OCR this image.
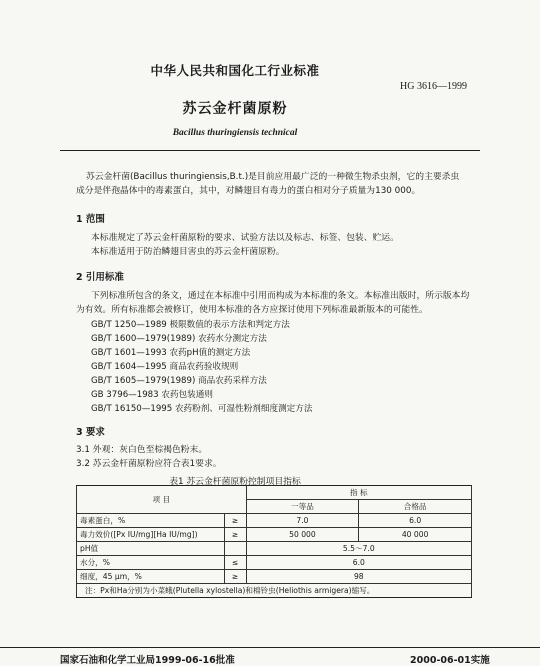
中华人民共和国化工行业标准
HG 3616—1999
苏云金杆菌原粉
Bacillus thuringiensis technical
苏云金杆菌(Bacillus thuringiensis,B.t.)是目前应用最广泛的一种微生物杀虫剂，它的主要杀虫
成分是伴孢晶体中的毒素蛋白，其中，对鳞翅目有毒力的蛋白相对分子质量为130 000。
1 范围
本标准规定了苏云金杆菌原粉的要求、试验方法以及标志、标签、包装、贮运。
本标准适用于防治鳞翅目害虫的苏云金杆菌原粉。
2 引用标准
下列标准所包含的条文，通过在本标准中引用而构成为本标准的条文。本标准出版时，所示版本均
为有效。所有标准都会被修订，使用本标准的各方应探讨使用下列标准最新版本的可能性。
GB/T 1250—1989 极限数值的表示方法和判定方法
GB/T 1600—1979(1989) 农药水分测定方法
GB/T 1601—1993 农药pH值的测定方法
GB/T 1604—1995 商品农药验收规则
GB/T 1605—1979(1989) 商品农药采样方法
GB 3796—1983 农药包装通则
GB/T 16150—1995 农药粉剂、可湿性粉剂细度测定方法
3 要求
3.1 外观：灰白色至棕褐色粉末。
3.2 苏云金杆菌原粉应符合表1要求。
表1 苏云金杆菌原粉控制项目指标
项 目		指 标	
		一等品	合格品
毒素蛋白，%	≥	7.0	6.0
毒力效价([Px IU/mg][Ha IU/mg])	≥	50 000	40 000
pH值		5.5～7.0	
水分，%	≤	6.0	
细度，45 μm，%	≥	98	
注：Px和Ha分别为小菜蛾(Plutella xylostella)和棉铃虫(Heliothis armigera)缩写。			
国家石油和化学工业局1999-06-16批准	2000-06-01实施
